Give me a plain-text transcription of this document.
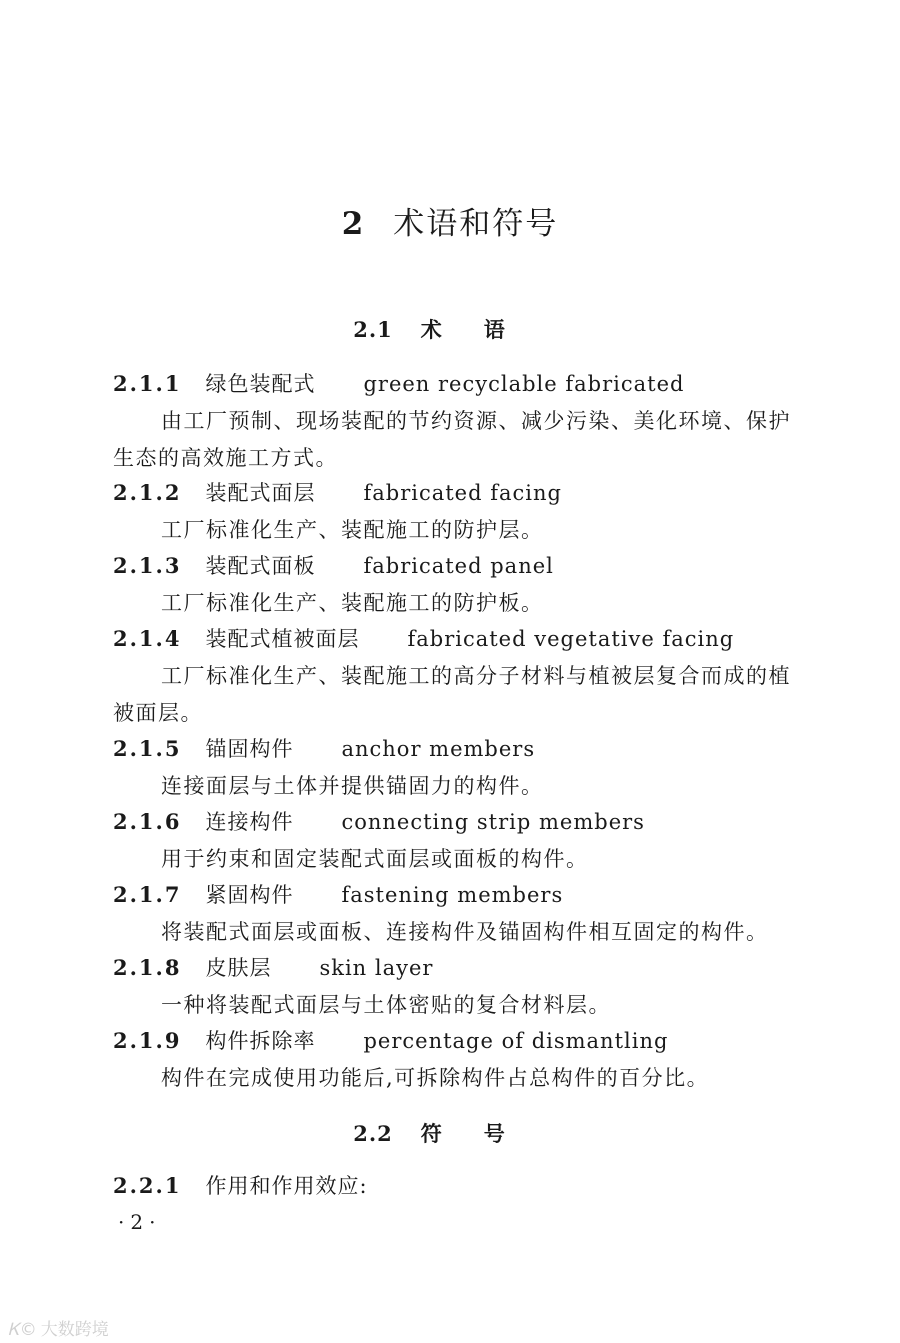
2 术语和符号
2.1 术语
2.1.1 绿色装配式 green recyclable fabricated
由工厂预制、现场装配的节约资源、减少污染、美化环境、保护生态的高效施工方式。
2.1.2 装配式面层 fabricated facing
工厂标准化生产、装配施工的防护层。
2.1.3 装配式面板 fabricated panel
工厂标准化生产、装配施工的防护板。
2.1.4 装配式植被面层 fabricated vegetative facing
工厂标准化生产、装配施工的高分子材料与植被层复合而成的植被面层。
2.1.5 锚固构件 anchor members
连接面层与土体并提供锚固力的构件。
2.1.6 连接构件 connecting strip members
用于约束和固定装配式面层或面板的构件。
2.1.7 紧固构件 fastening members
将装配式面层或面板、连接构件及锚固构件相互固定的构件。
2.1.8 皮肤层 skin layer
一种将装配式面层与土体密贴的复合材料层。
2.1.9 构件拆除率 percentage of dismantling
构件在完成使用功能后,可拆除构件占总构件的百分比。
2.2 符号
2.2.1 作用和作用效应:
·2·
Ꮶ© 大数跨境
